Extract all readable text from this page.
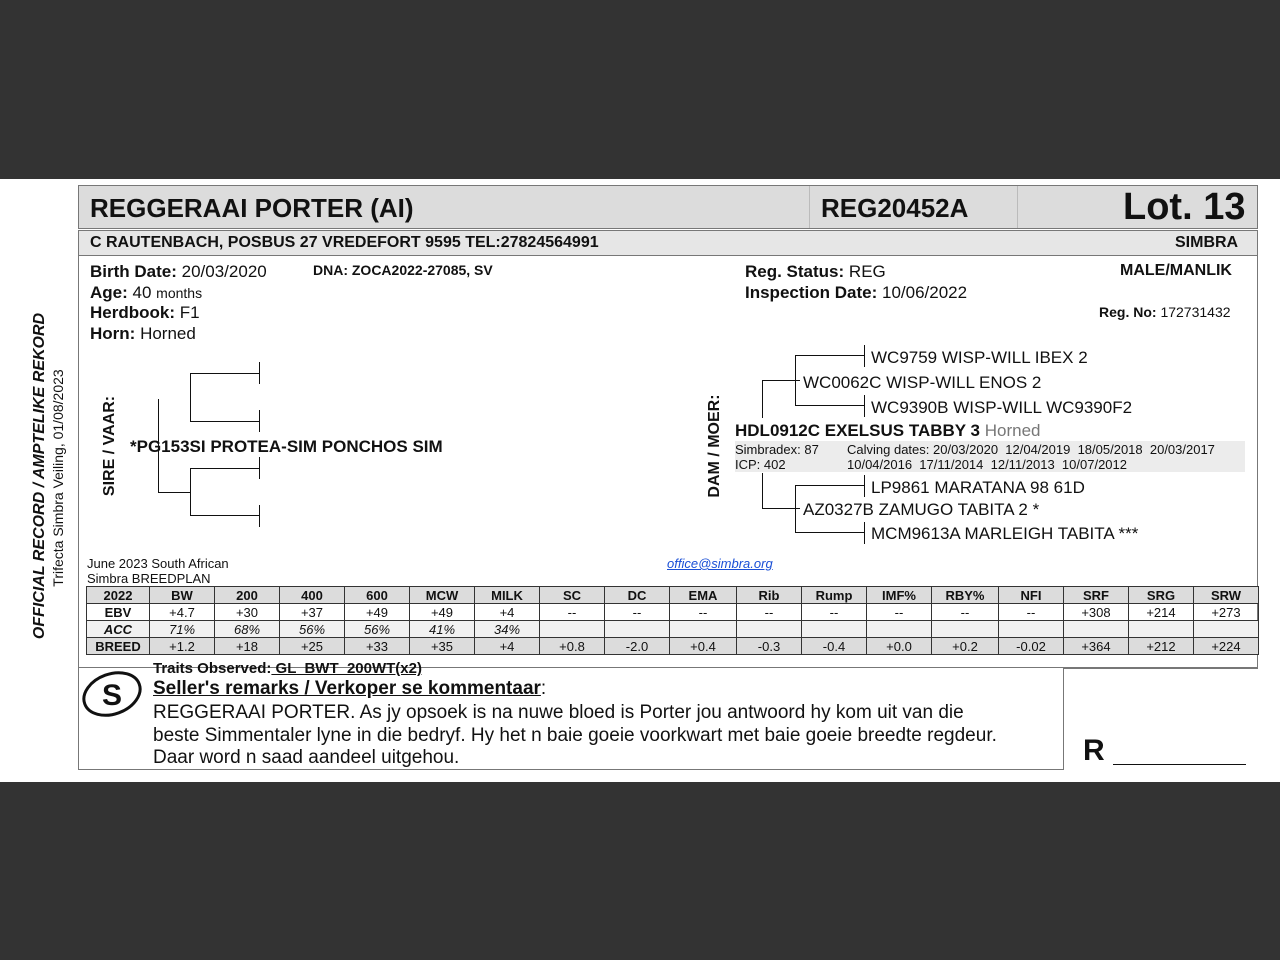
REGGERAAI PORTER (AI)	REG20452A	Lot. 13
C RAUTENBACH, POSBUS 27 VREDEFORT 9595 TEL:27824564991	SIMBRA
OFFICIAL RECORD / AMPTELIKE REKORD Trifecta Simbra Veiling, 01/08/2023
Birth Date: 20/03/2020	DNA: ZOCA2022-27085, SV
Age: 40 months
Herdbook: F1
Horn: Horned
Reg. Status: REG	MALE/MANLIK
Inspection Date: 10/06/2022
Reg. No: 172731432
SIRE / VAAR: *PG153SI PROTEA-SIM PONCHOS SIM	DAM / MOER:
WC9759 WISP-WILL IBEX 2
WC0062C WISP-WILL ENOS 2
WC9390B WISP-WILL WC9390F2
HDL0912C EXELSUS TABBY 3 Horned
Simbradex: 87
ICP: 402
Calving dates: 20/03/2020  12/04/2019  18/05/2018  20/03/2017
10/04/2016  17/11/2014  12/11/2013  10/07/2012
LP9861 MARATANA 98 61D
AZ0327B ZAMUGO TABITA 2 *
MCM9613A MARLEIGH TABITA ***
June 2023 South African
Simbra BREEDPLAN
office@simbra.org
2022	BW	200	400	600	MCW	MILK	SC	DC	EMA	Rib	Rump	IMF%	RBY%	NFI	SRF	SRG	SRW
EBV	+4.7	+30	+37	+49	+49	+4	--	--	--	--	--	--	--	--	+308	+214	+273
ACC	71%	68%	56%	56%	41%	34%											
BREED	+1.2	+18	+25	+33	+35	+4	+0.8	-2.0	+0.4	-0.3	-0.4	+0.0	+0.2	-0.02	+364	+212	+224
S
Traits Observed: GL  BWT  200WT(x2)
Seller's remarks / Verkoper se kommentaar:
REGGERAAI PORTER. As jy opsoek is na nuwe bloed is Porter jou antwoord hy kom uit van die
beste Simmentaler lyne in die bedryf. Hy het n baie goeie voorkwart met baie goeie breedte regdeur.
Daar word n saad aandeel uitgehou.	R
